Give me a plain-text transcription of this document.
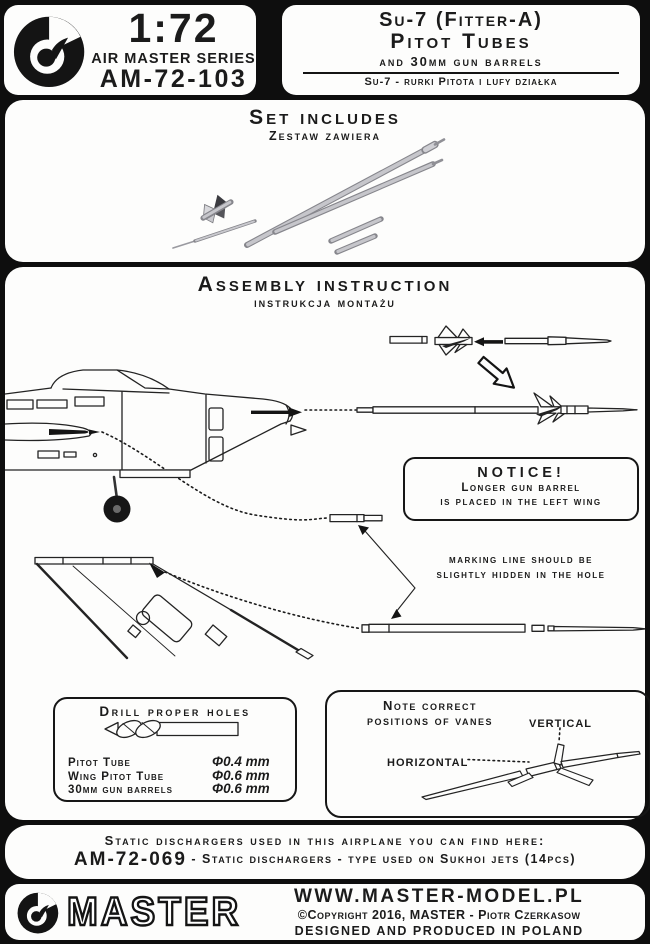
1:72
AIR MASTER SERIES
AM-72-103
Su-7 (Fitter-A)
Pitot Tubes
and 30mm gun barrels
Su-7 - rurki Pitota i lufy działka
Set includes
Zestaw zawiera
Assembly instruction
instrukcja montażu
NOTICE!
Longer gun barrel
is placed in the left wing
marking line should be
slightly hidden in the hole
Drill proper holes
Pitot Tube	Φ0.4 mm
Wing Pitot Tube	Φ0.6 mm
30mm gun barrels	Φ0.6 mm
Note correct
positions of vanes	VERTICAL
HORIZONTAL
Static dischargers used in this airplane you can find here:
AM-72-069 - Static dischargers - type used on Sukhoi jets (14pcs)
MASTER	WWW.MASTER-MODEL.PL
©Copyright 2016, MASTER - Piotr Czerkasow
DESIGNED AND PRODUCED IN POLAND
